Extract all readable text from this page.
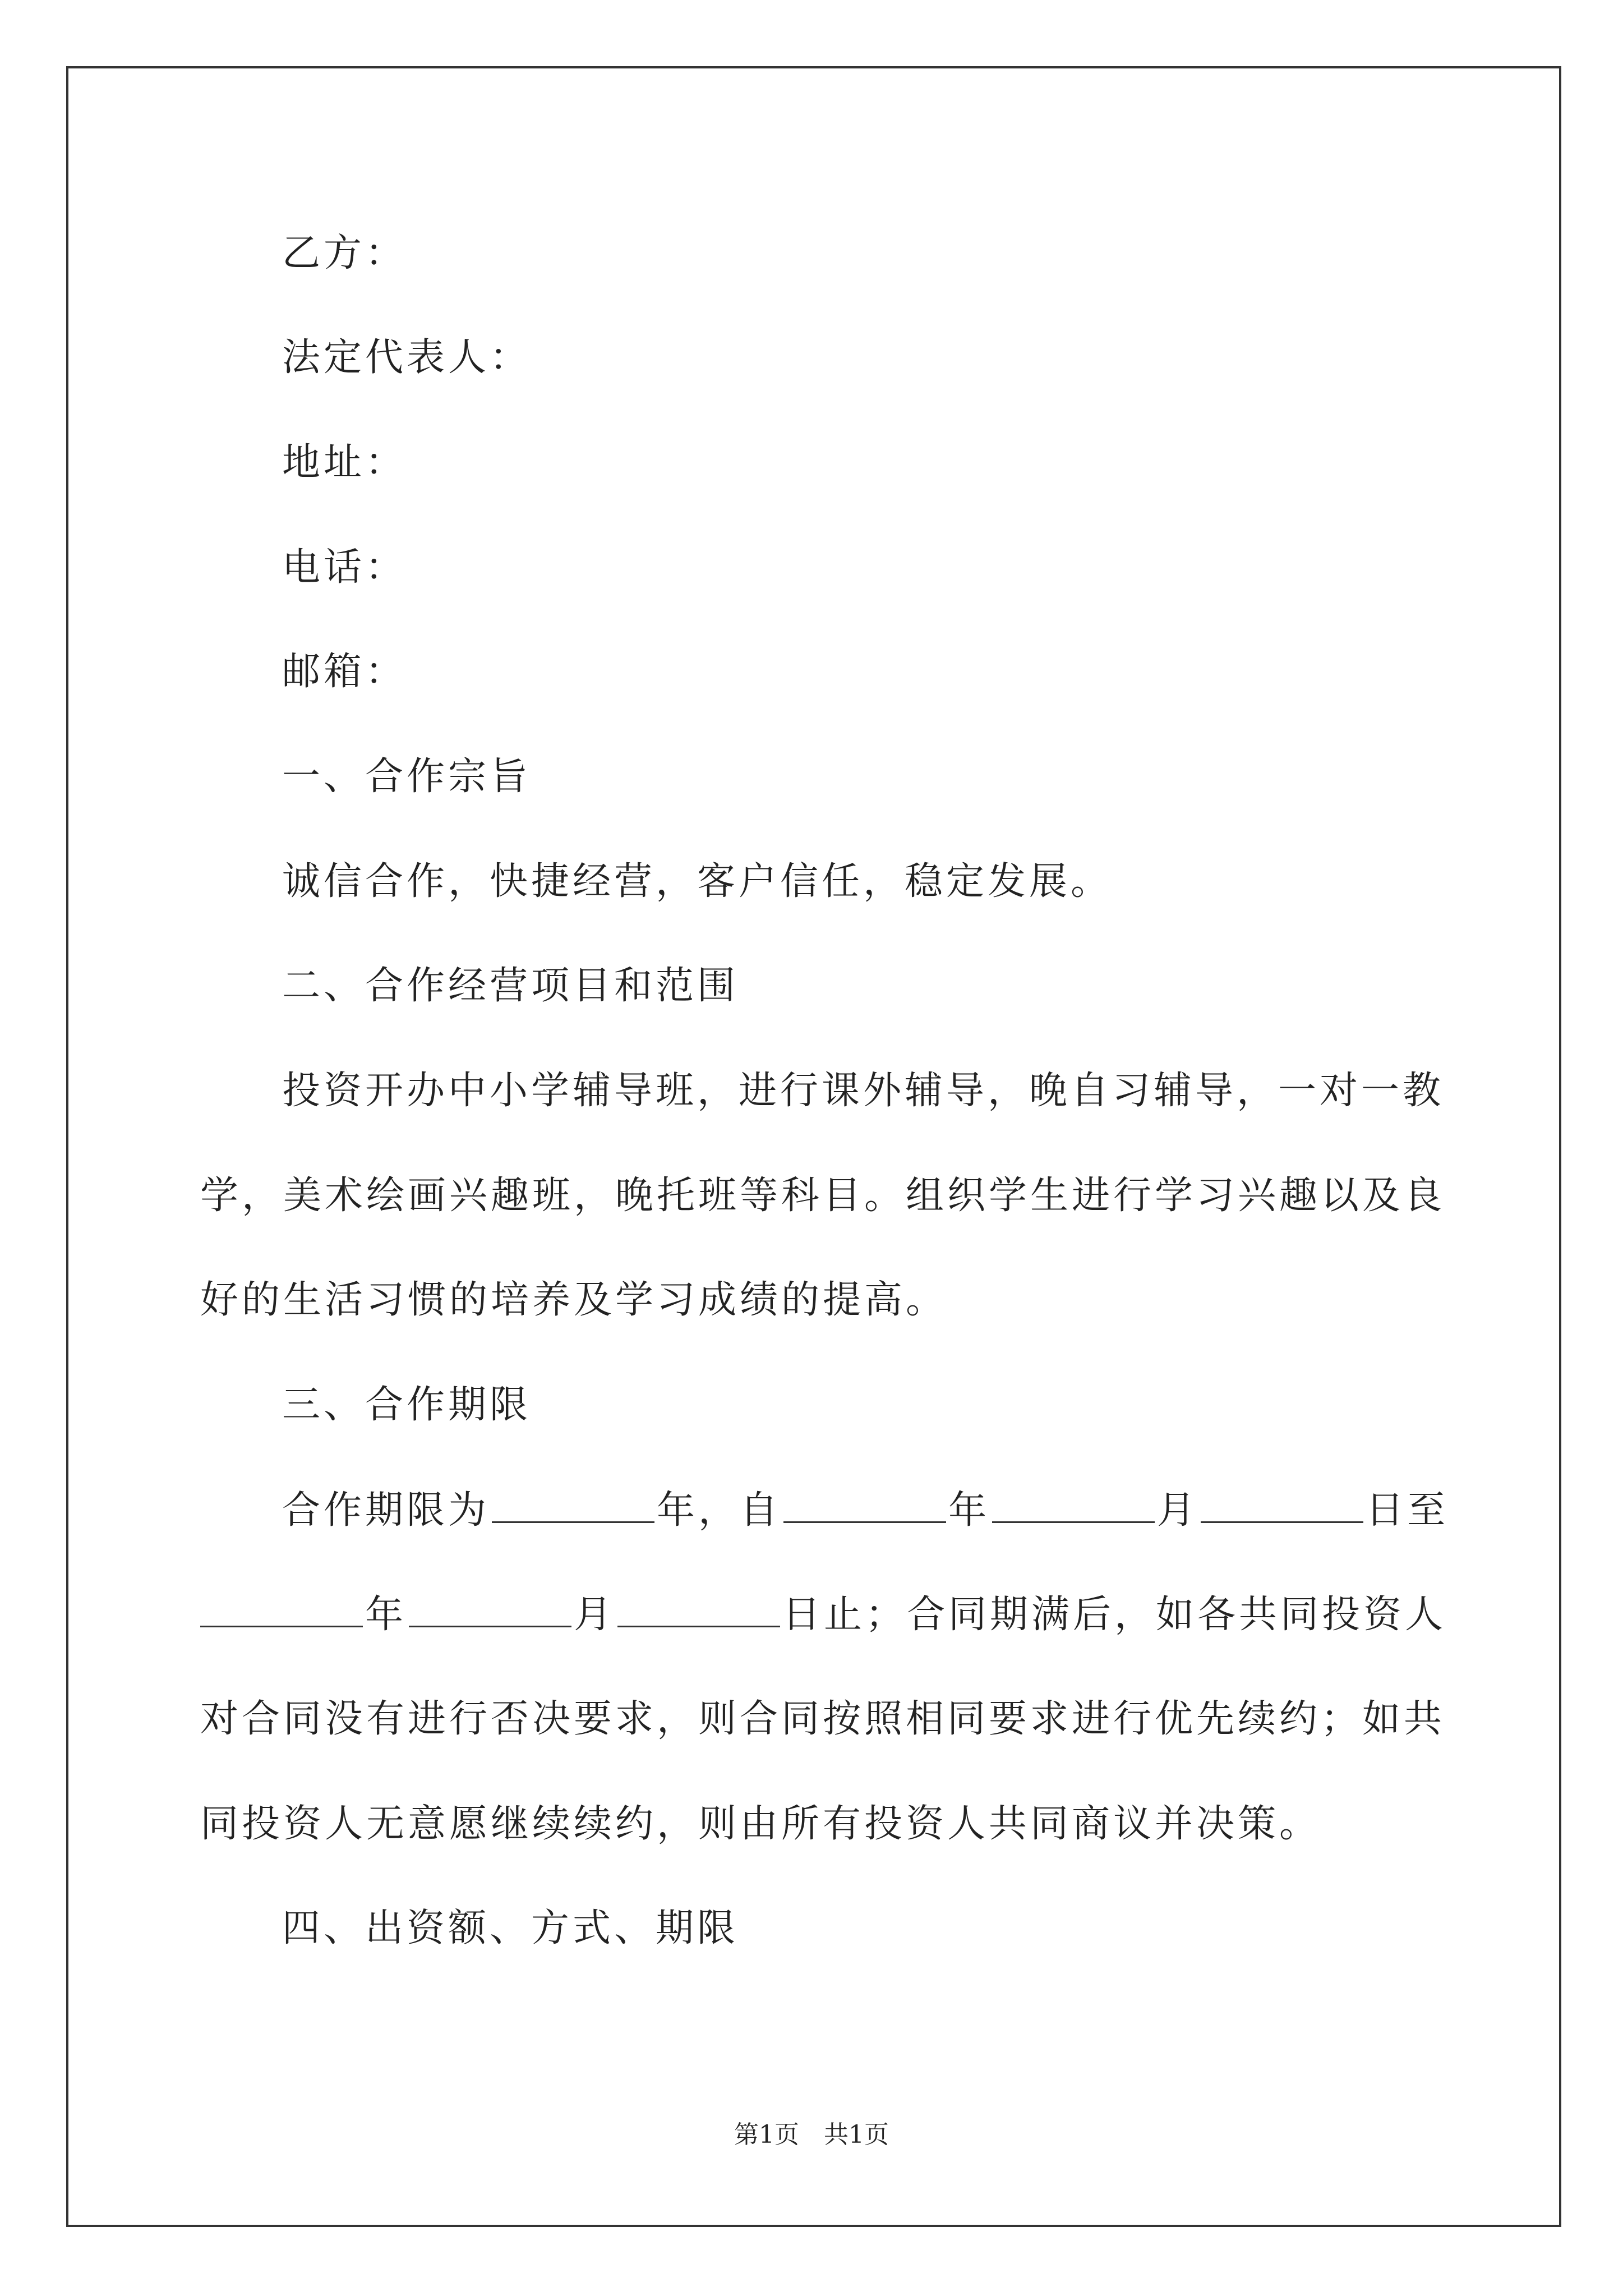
乙方：
法定代表人：
地址：
电话：
邮箱：
一、合作宗旨
诚信合作，快捷经营，客户信任，稳定发展。
二、合作经营项目和范围
投资开办中小学辅导班，进行课外辅导，晚自习辅导，一对一教
学，美术绘画兴趣班，晚托班等科目。组织学生进行学习兴趣以及良
好的生活习惯的培养及学习成绩的提高。
三、合作期限
合作期限为	年，自	年	月	日至
年	月	日止；合同期满后，如各共同投资人
对合同没有进行否决要求，则合同按照相同要求进行优先续约；如共
同投资人无意愿继续续约，则由所有投资人共同商议并决策。
四、出资额、方式、期限
第1页　共1页
